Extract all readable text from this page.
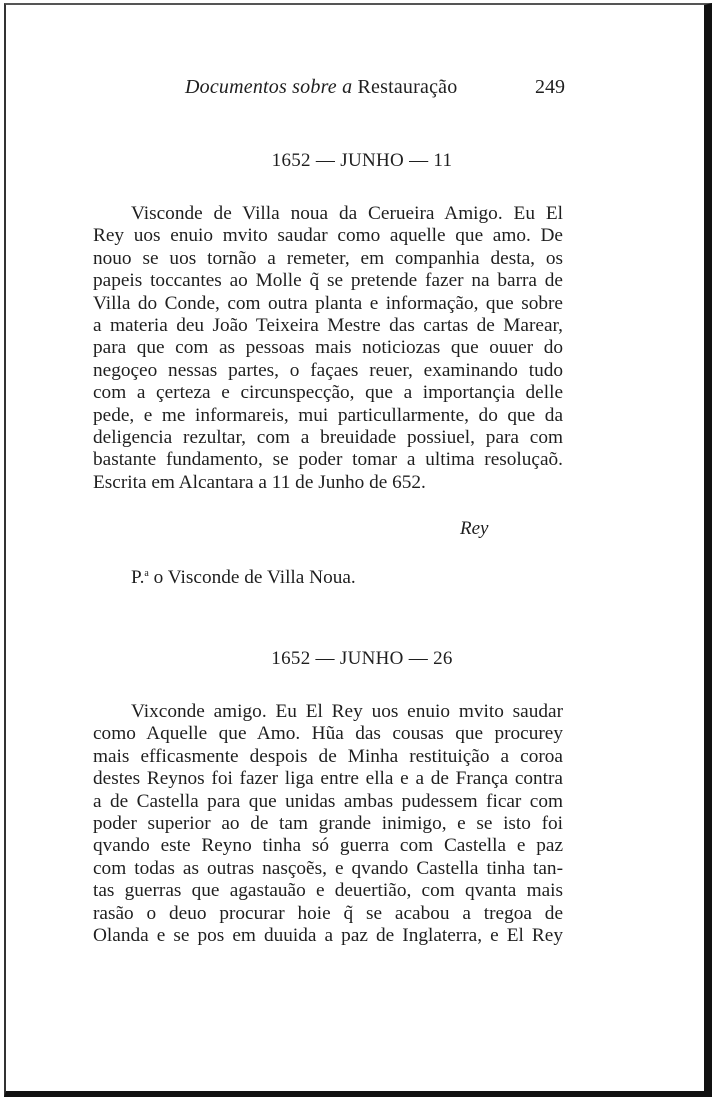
Documentos sobre a Restauração	249
1652 — JUNHO — 11
Visconde de Villa noua da Cerueira Amigo. Eu El
Rey uos enuio mvito saudar como aquelle que amo. De
nouo se uos tornão a remeter, em companhia desta, os
papeis toccantes ao Molle q̃ se pretende fazer na barra de
Villa do Conde, com outra planta e informação, que sobre
a materia deu João Teixeira Mestre das cartas de Marear,
para que com as pessoas mais noticiozas que ouuer do
negoçeo nessas partes, o façaes reuer, examinando tudo
com a çerteza e circunspecção, que a importançia delle
pede, e me informareis, mui particullarmente, do que da
deligencia rezultar, com a breuidade possiuel, para com
bastante fundamento, se poder tomar a ultima resoluçaõ.
Escrita em Alcantara a 11 de Junho de 652.
Rey
P.$^a$ o Visconde de Villa Noua.
1652 — JUNHO — 26
Vixconde amigo. Eu El Rey uos enuio mvito saudar
como Aquelle que Amo. Hũa das cousas que procurey
mais efficasmente despois de Minha restituição a coroa
destes Reynos foi fazer liga entre ella e a de França contra
a de Castella para que unidas ambas pudessem ficar com
poder superior ao de tam grande inimigo, e se isto foi
qvando este Reyno tinha só guerra com Castella e paz
com todas as outras nasçoẽs, e qvando Castella tinha tan-
tas guerras que agastauão e deuertião, com qvanta mais
rasão o deuo procurar hoie q̃ se acabou a tregoa de
Olanda e se pos em duuida a paz de Inglaterra, e El Rey
